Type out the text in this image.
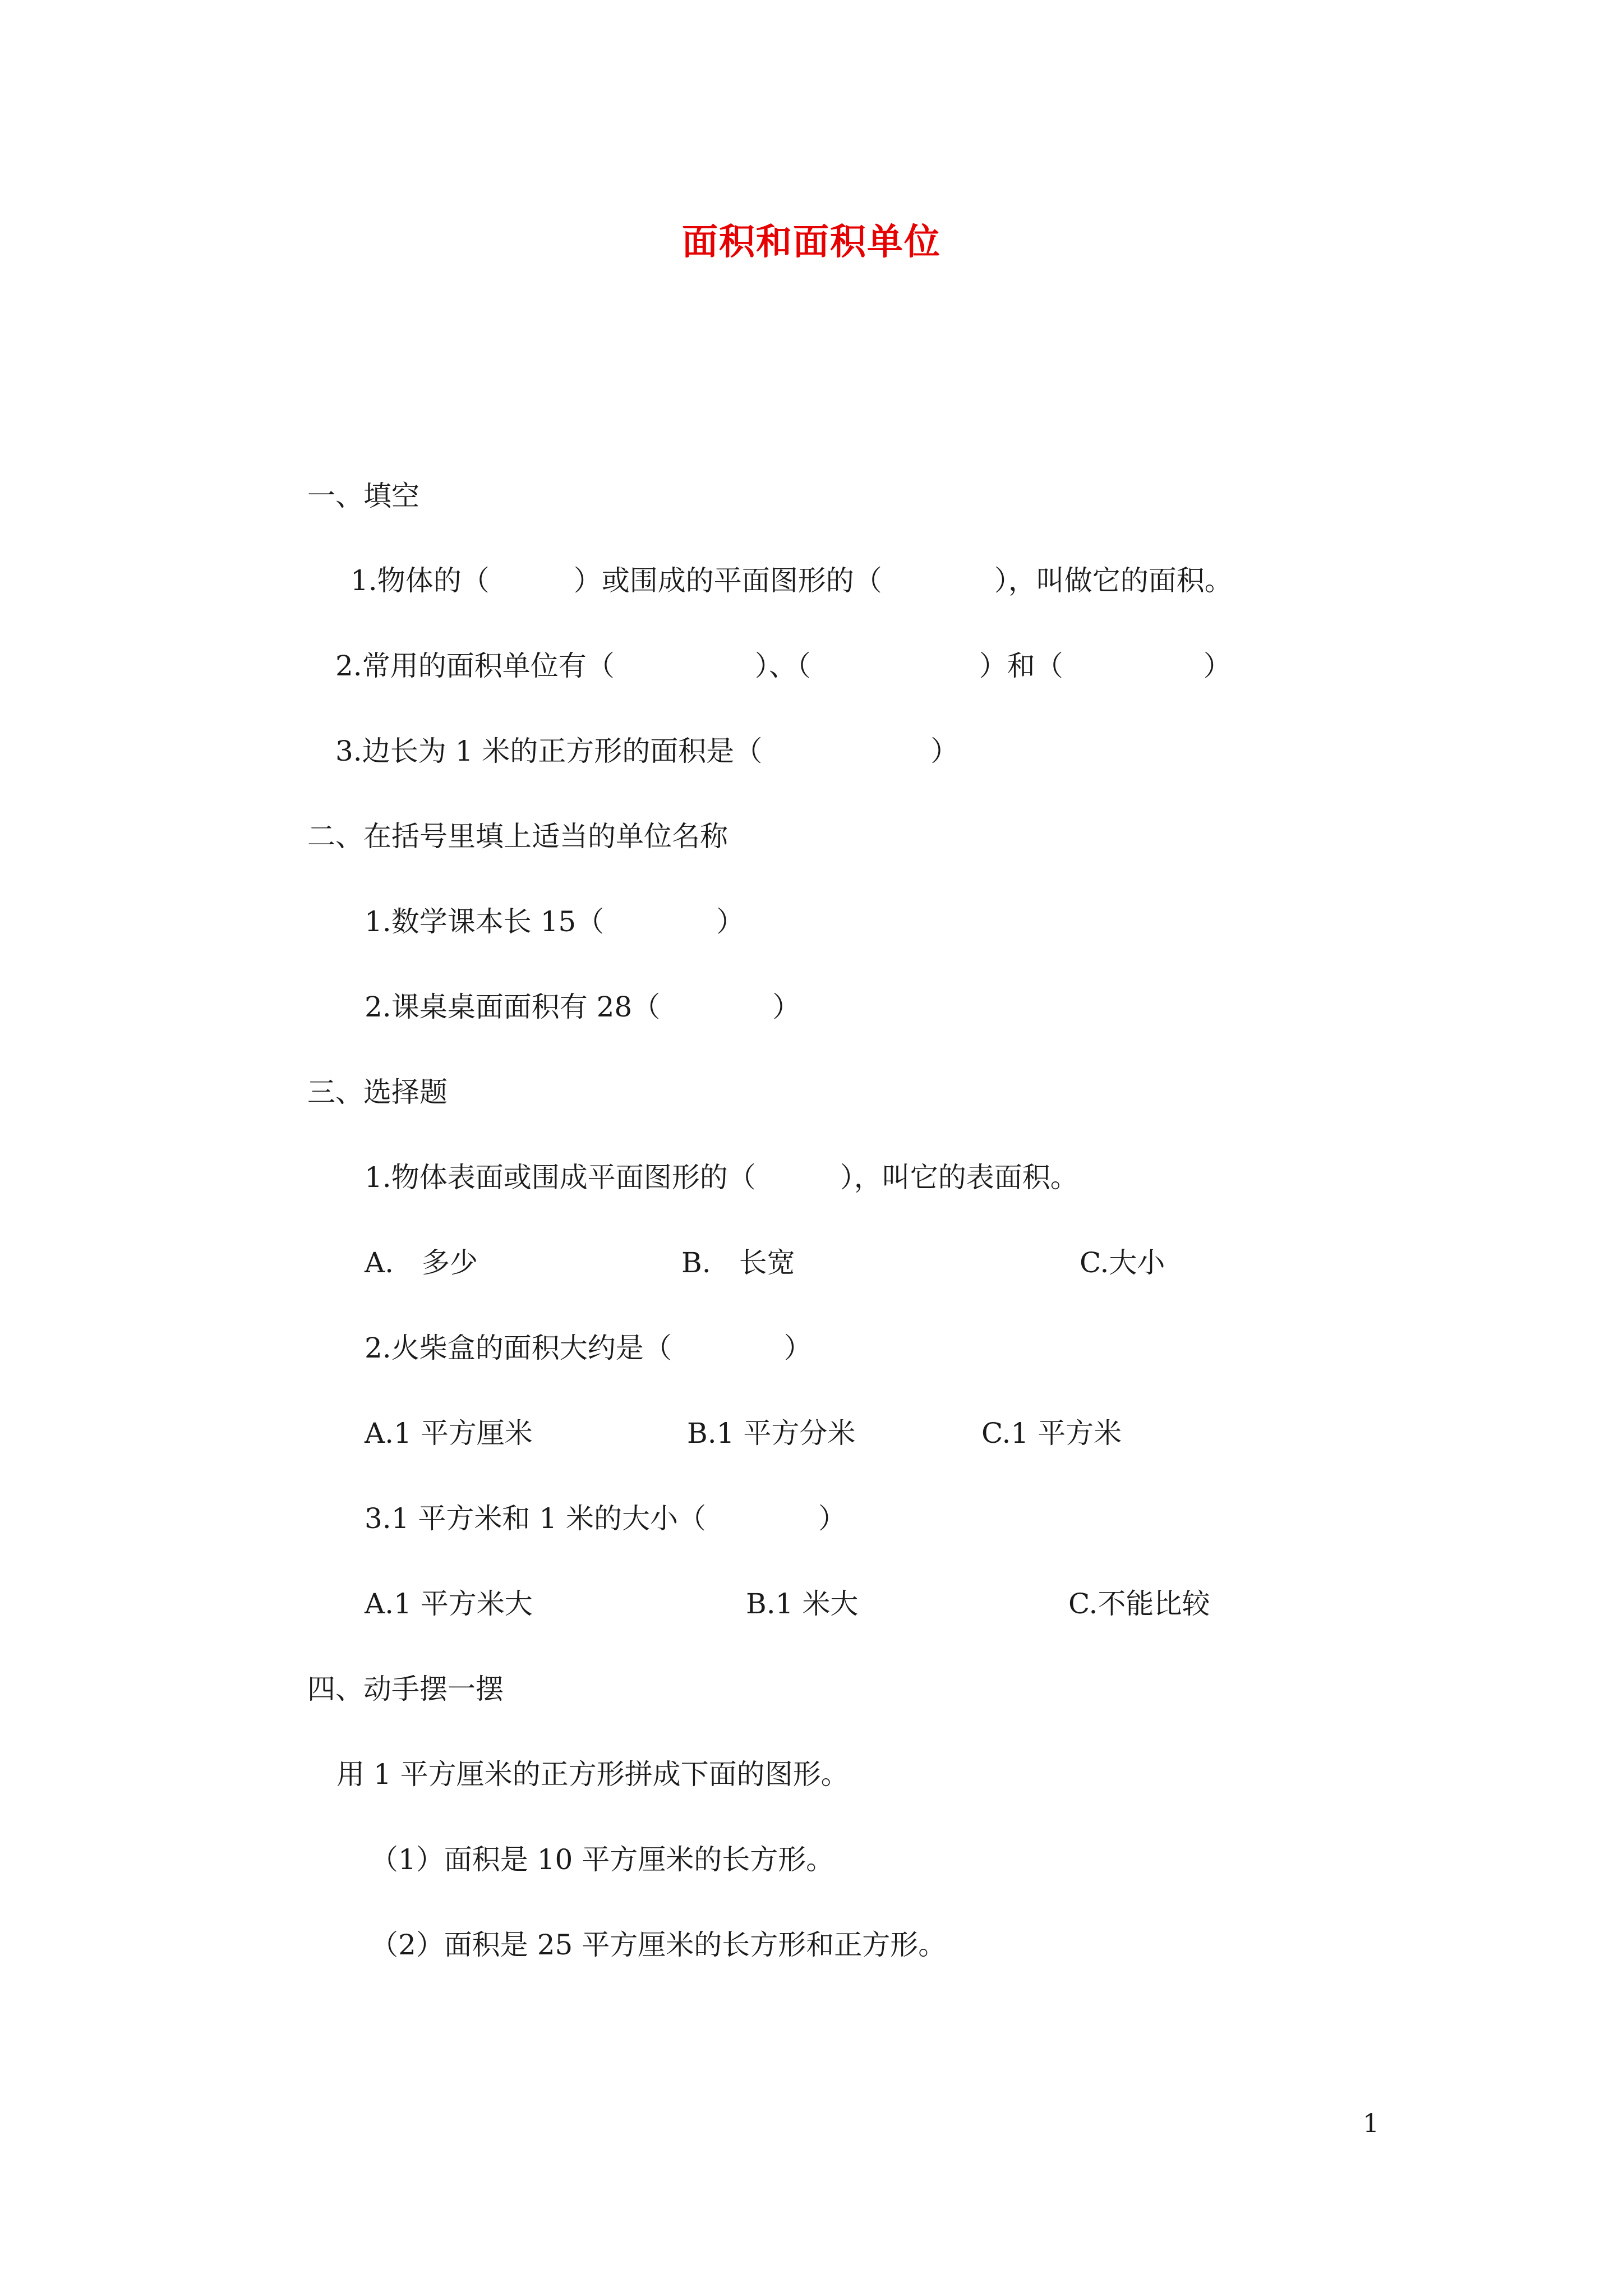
面积和面积单位
一、填空
1.物体的（　　　）或围成的平面图形的（　　　　），叫做它的面积。
2.常用的面积单位有（　　　　　）、（　　　　　　）和（　　　　　）
3.边长为 1 米的正方形的面积是（　　　　　　）
二、在括号里填上适当的单位名称
1.数学课本长 15（　　　　）
2.课桌桌面面积有 28（　　　　）
三、选择题
1.物体表面或围成平面图形的（　　　），叫它的表面积。
A.　多少	B.　长宽	C.大小
2.火柴盒的面积大约是（　　　　）
A.1 平方厘米	B.1 平方分米	C.1 平方米
3.1 平方米和 1 米的大小（　　　　）
A.1 平方米大	B.1 米大	C.不能比较
四、动手摆一摆
用 1 平方厘米的正方形拼成下面的图形。
（1）面积是 10 平方厘米的长方形。
（2）面积是 25 平方厘米的长方形和正方形。
1
